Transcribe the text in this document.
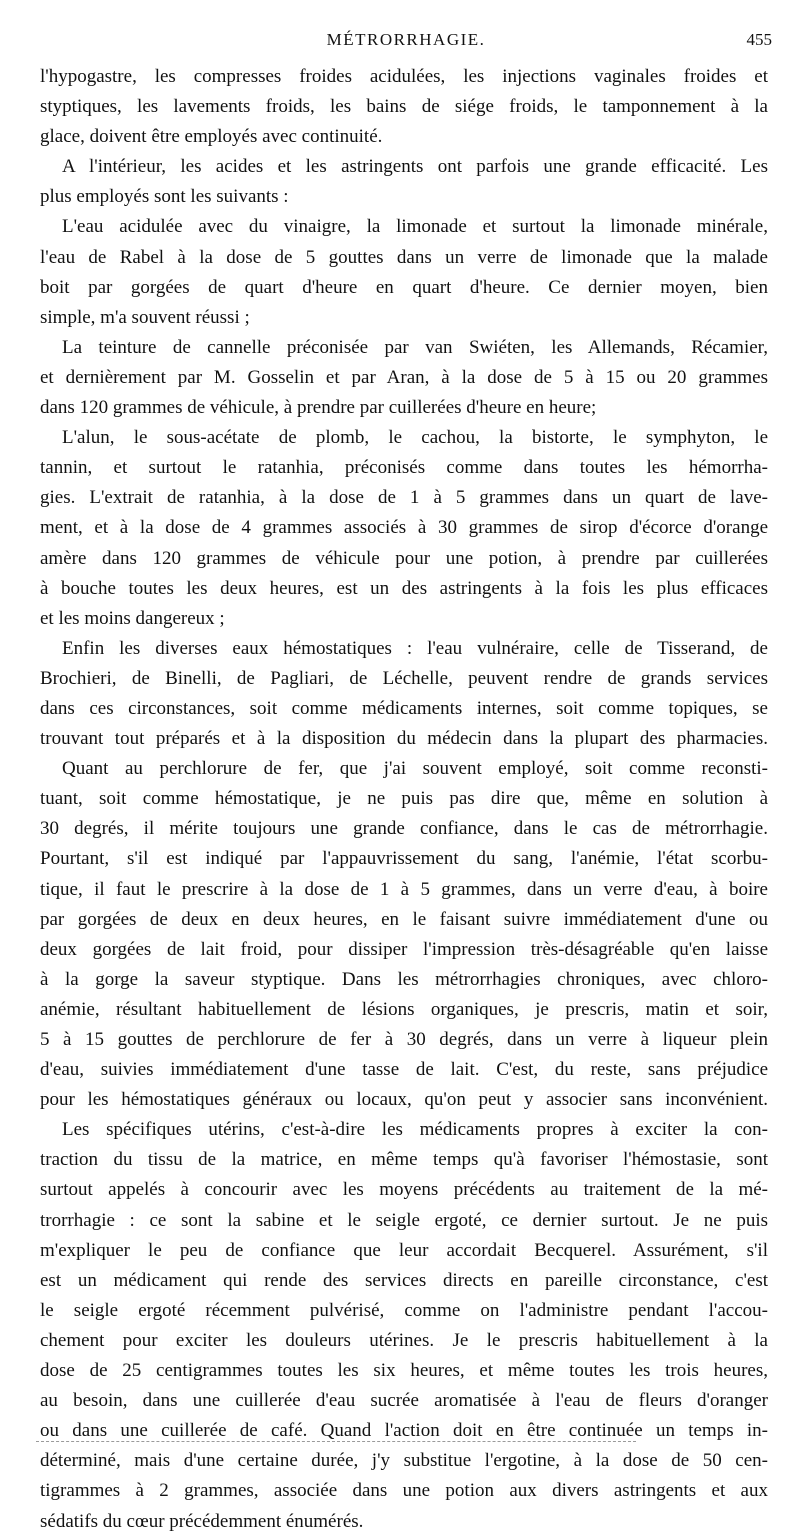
MÉTRORRHAGIE.	455
l'hypogastre, les compresses froides acidulées, les injections vaginales froides et
styptiques, les lavements froids, les bains de siége froids, le tamponnement à la
glace, doivent être employés avec continuité.
A l'intérieur, les acides et les astringents ont parfois une grande efficacité. Les
plus employés sont les suivants :
L'eau acidulée avec du vinaigre, la limonade et surtout la limonade minérale,
l'eau de Rabel à la dose de 5 gouttes dans un verre de limonade que la malade
boit par gorgées de quart d'heure en quart d'heure. Ce dernier moyen, bien
simple, m'a souvent réussi ;
La teinture de cannelle préconisée par van Swiéten, les Allemands, Récamier,
et dernièrement par M. Gosselin et par Aran, à la dose de 5 à 15 ou 20 grammes
dans 120 grammes de véhicule, à prendre par cuillerées d'heure en heure;
L'alun, le sous-acétate de plomb, le cachou, la bistorte, le symphyton, le
tannin, et surtout le ratanhia, préconisés comme dans toutes les hémorrha-
gies. L'extrait de ratanhia, à la dose de 1 à 5 grammes dans un quart de lave-
ment, et à la dose de 4 grammes associés à 30 grammes de sirop d'écorce d'orange
amère dans 120 grammes de véhicule pour une potion, à prendre par cuillerées
à bouche toutes les deux heures, est un des astringents à la fois les plus efficaces
et les moins dangereux ;
Enfin les diverses eaux hémostatiques : l'eau vulnéraire, celle de Tisserand, de
Brochieri, de Binelli, de Pagliari, de Léchelle, peuvent rendre de grands services
dans ces circonstances, soit comme médicaments internes, soit comme topiques, se
trouvant tout préparés et à la disposition du médecin dans la plupart des pharmacies.
Quant au perchlorure de fer, que j'ai souvent employé, soit comme reconsti-
tuant, soit comme hémostatique, je ne puis pas dire que, même en solution à
30 degrés, il mérite toujours une grande confiance, dans le cas de métrorrhagie.
Pourtant, s'il est indiqué par l'appauvrissement du sang, l'anémie, l'état scorbu-
tique, il faut le prescrire à la dose de 1 à 5 grammes, dans un verre d'eau, à boire
par gorgées de deux en deux heures, en le faisant suivre immédiatement d'une ou
deux gorgées de lait froid, pour dissiper l'impression très-désagréable qu'en laisse
à la gorge la saveur styptique. Dans les métrorrhagies chroniques, avec chloro-
anémie, résultant habituellement de lésions organiques, je prescris, matin et soir,
5 à 15 gouttes de perchlorure de fer à 30 degrés, dans un verre à liqueur plein
d'eau, suivies immédiatement d'une tasse de lait. C'est, du reste, sans préjudice
pour les hémostatiques généraux ou locaux, qu'on peut y associer sans inconvénient.
Les spécifiques utérins, c'est-à-dire les médicaments propres à exciter la con-
traction du tissu de la matrice, en même temps qu'à favoriser l'hémostasie, sont
surtout appelés à concourir avec les moyens précédents au traitement de la mé-
trorrhagie : ce sont la sabine et le seigle ergoté, ce dernier surtout. Je ne puis
m'expliquer le peu de confiance que leur accordait Becquerel. Assurément, s'il
est un médicament qui rende des services directs en pareille circonstance, c'est
le seigle ergoté récemment pulvérisé, comme on l'administre pendant l'accou-
chement pour exciter les douleurs utérines. Je le prescris habituellement à la
dose de 25 centigrammes toutes les six heures, et même toutes les trois heures,
au besoin, dans une cuillerée d'eau sucrée aromatisée à l'eau de fleurs d'oranger
ou dans une cuillerée de café. Quand l'action doit en être continuée un temps in-
déterminé, mais d'une certaine durée, j'y substitue l'ergotine, à la dose de 50 cen-
tigrammes à 2 grammes, associée dans une potion aux divers astringents et aux
sédatifs du cœur précédemment énumérés.
